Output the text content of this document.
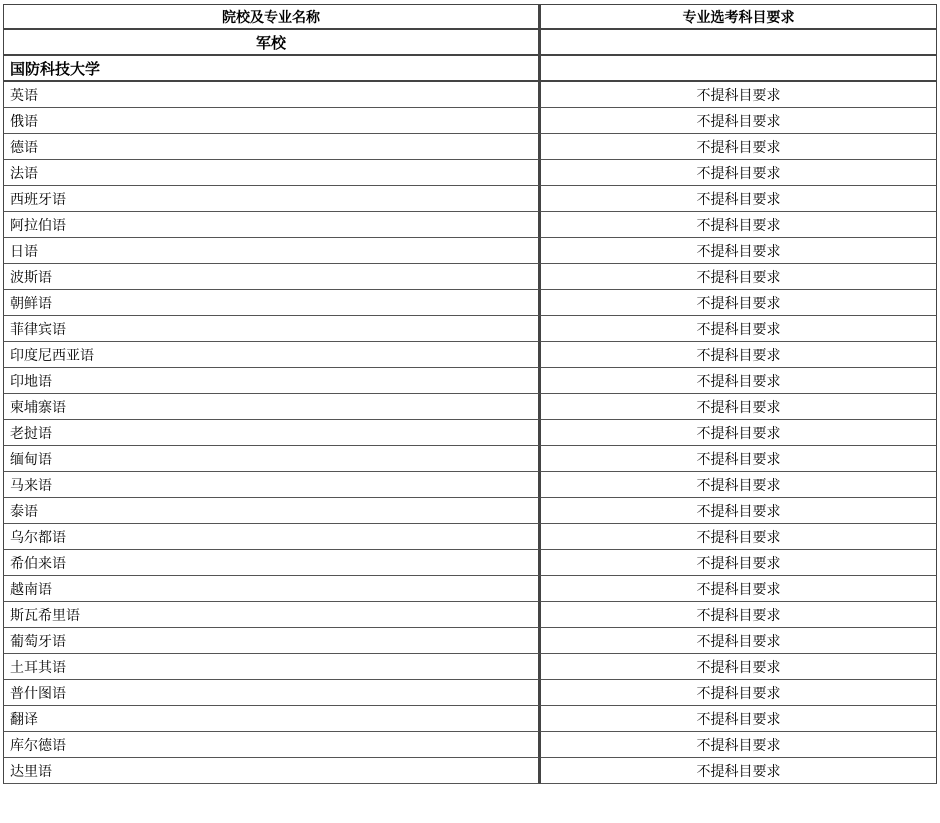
院校及专业名称	专业选考科目要求
军校	
国防科技大学	
英语	不提科目要求
俄语	不提科目要求
德语	不提科目要求
法语	不提科目要求
西班牙语	不提科目要求
阿拉伯语	不提科目要求
日语	不提科目要求
波斯语	不提科目要求
朝鲜语	不提科目要求
菲律宾语	不提科目要求
印度尼西亚语	不提科目要求
印地语	不提科目要求
柬埔寨语	不提科目要求
老挝语	不提科目要求
缅甸语	不提科目要求
马来语	不提科目要求
泰语	不提科目要求
乌尔都语	不提科目要求
希伯来语	不提科目要求
越南语	不提科目要求
斯瓦希里语	不提科目要求
葡萄牙语	不提科目要求
土耳其语	不提科目要求
普什图语	不提科目要求
翻译	不提科目要求
库尔德语	不提科目要求
达里语	不提科目要求
